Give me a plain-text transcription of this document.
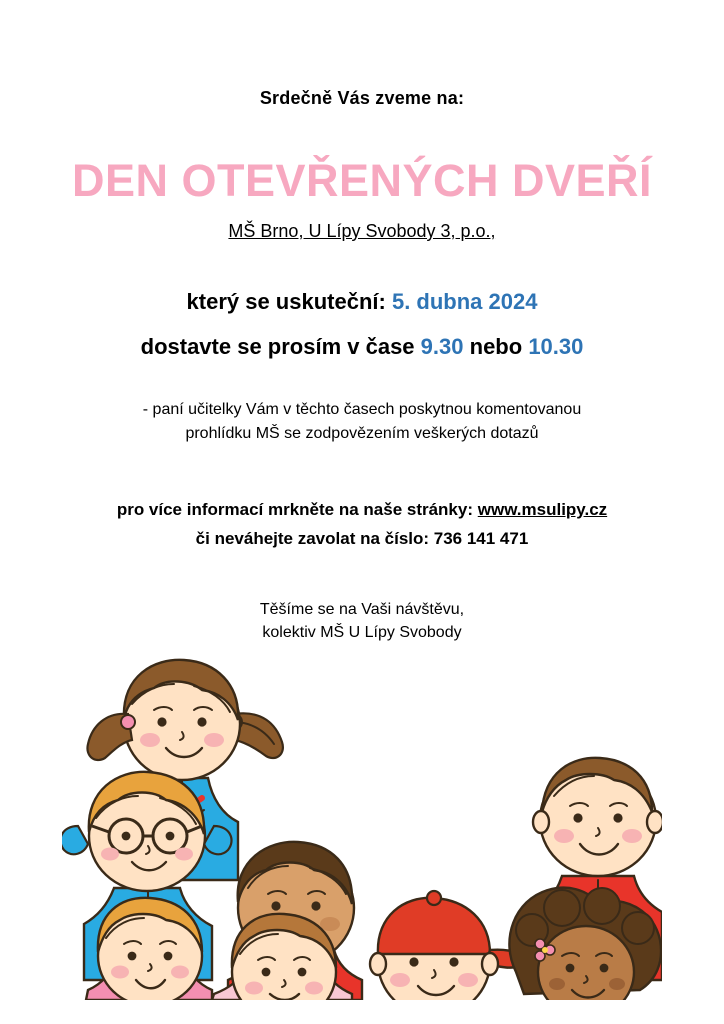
Srdečně Vás zveme na:
DEN OTEVŘENÝCH DVEŘÍ
MŠ Brno, U Lípy Svobody 3, p.o.,
který se uskuteční: 5. dubna 2024
dostavte se prosím v čase 9.30 nebo 10.30
- paní učitelky Vám v těchto časech poskytnou komentovanou
prohlídku MŠ se zodpovězením veškerých dotazů
pro více informací mrkněte na naše stránky: www.msulipy.cz
či neváhejte zavolat na číslo: 736 141 471
Těšíme se na Vaši návštěvu,
kolektiv MŠ U Lípy Svobody
